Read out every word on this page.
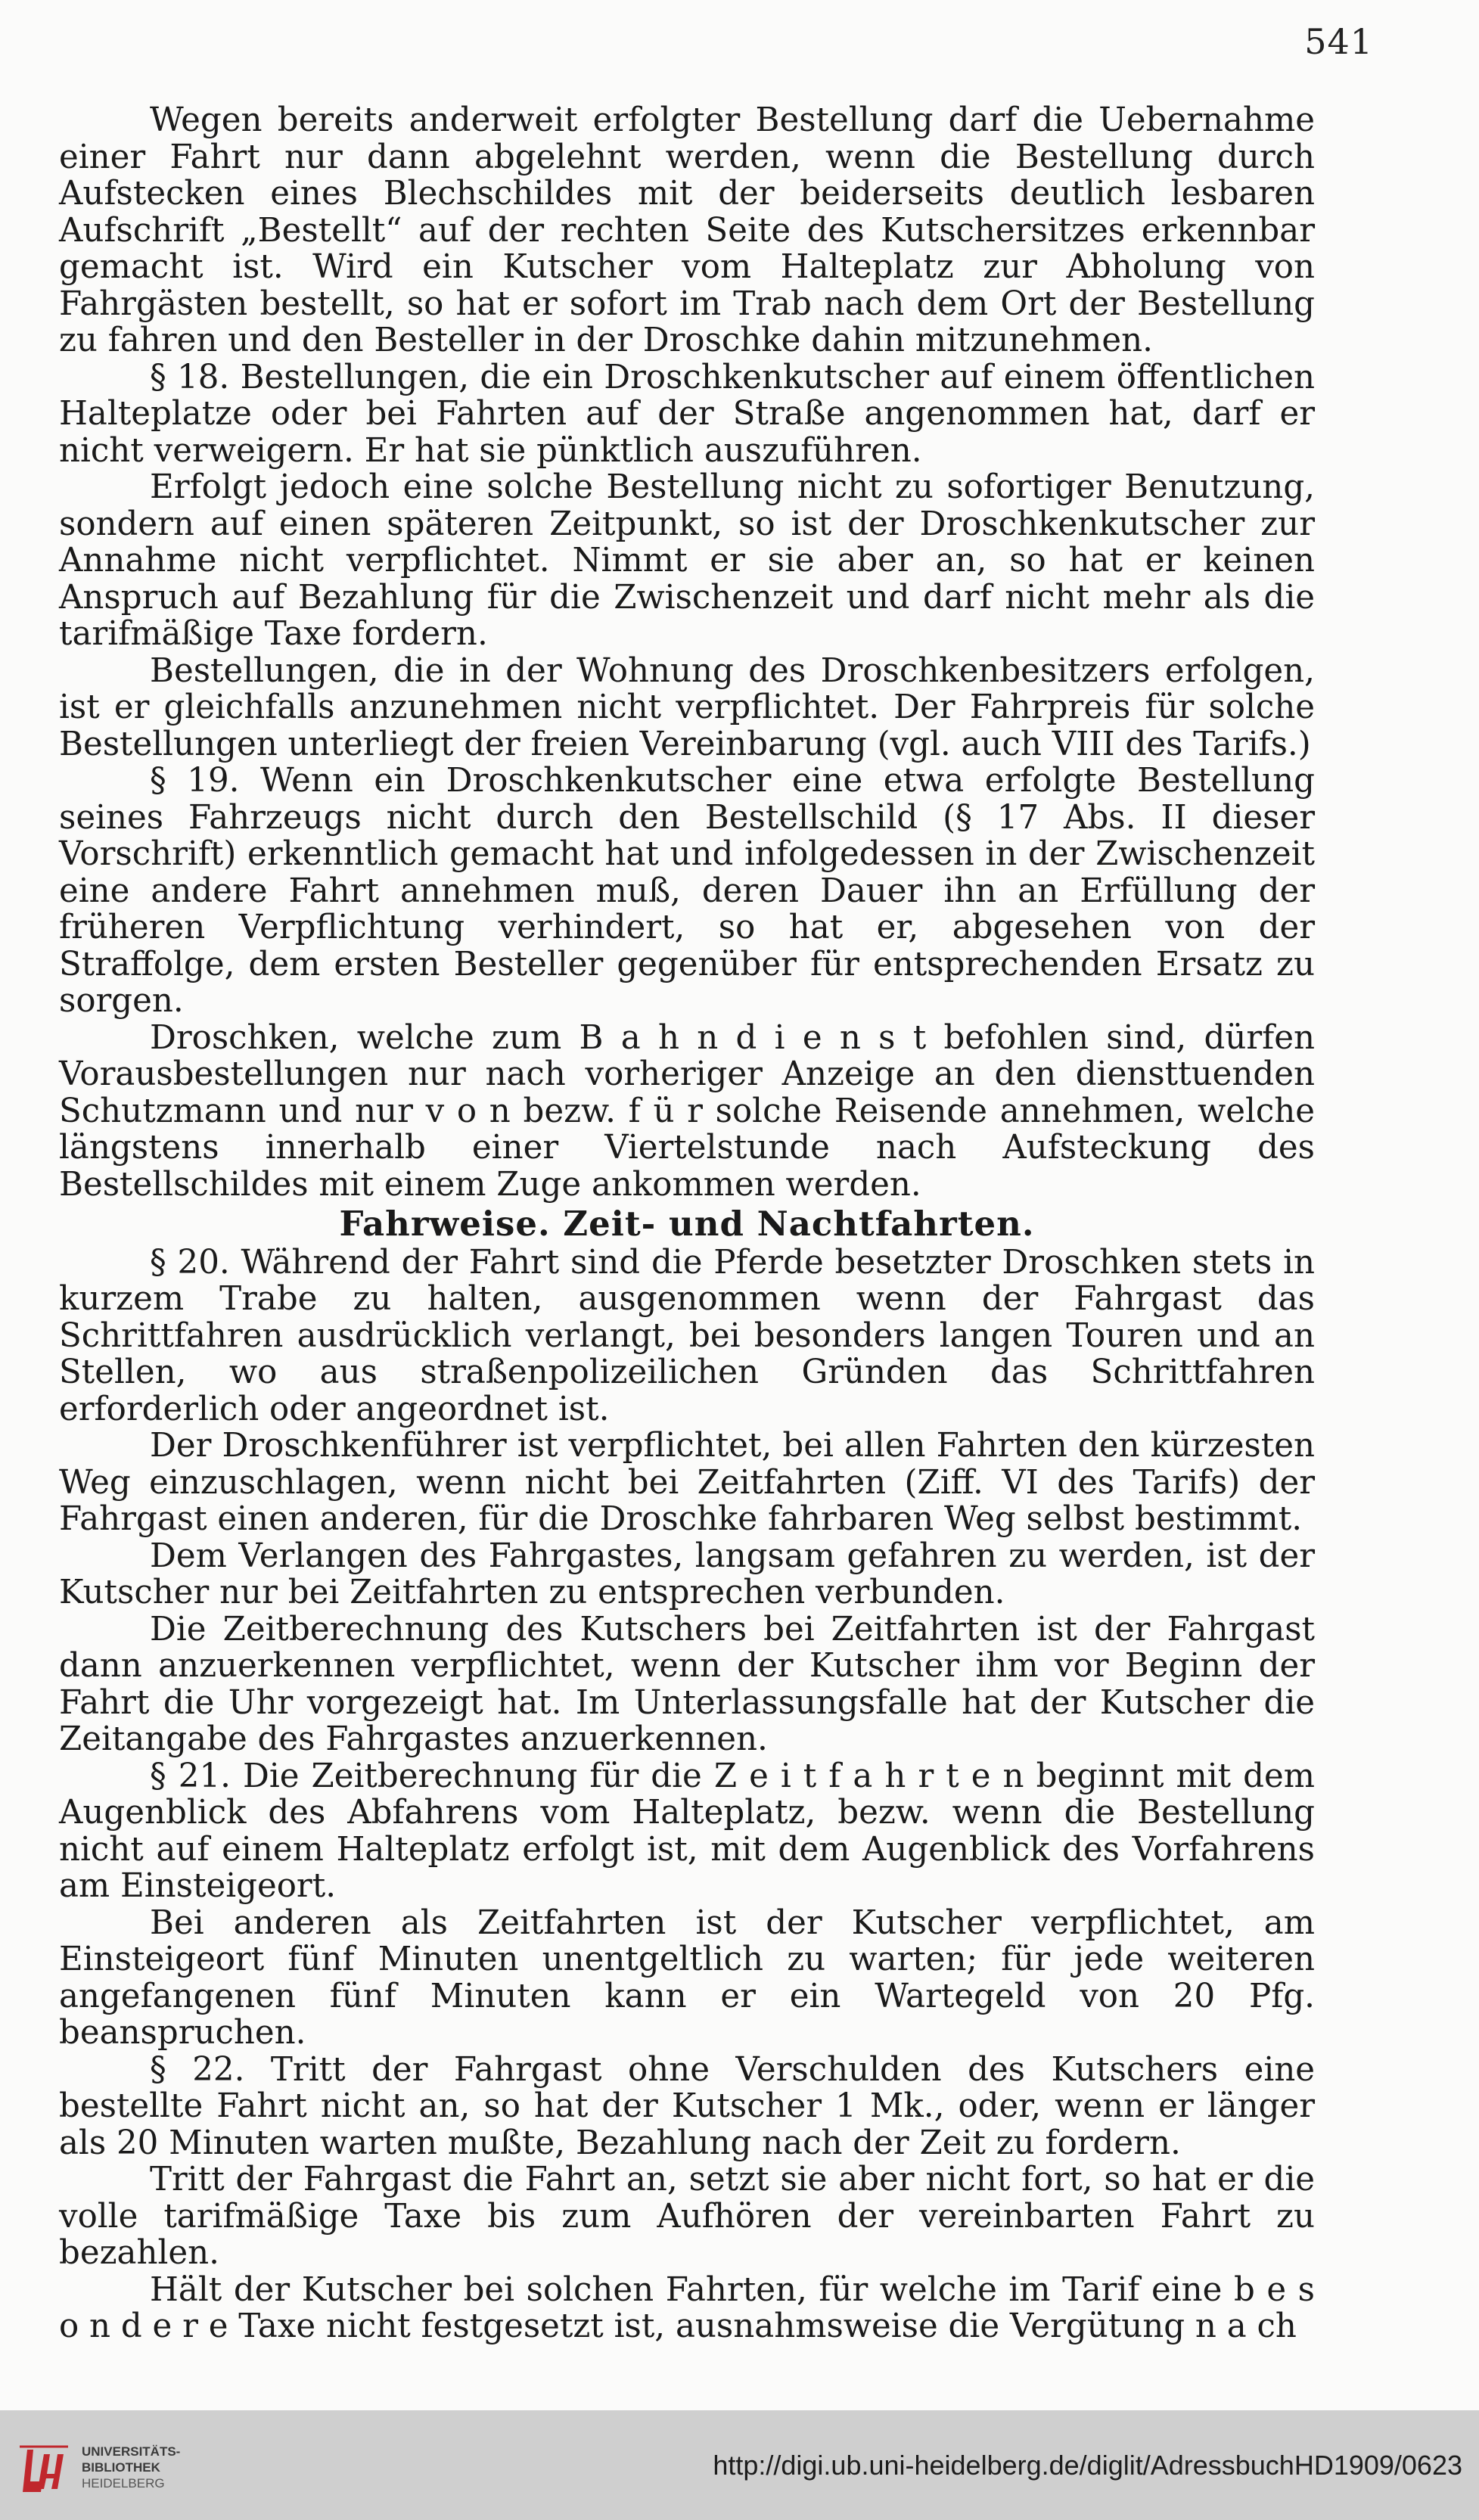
541

Wegen bereits anderweit erfolgter Bestellung darf die Uebernahme einer Fahrt nur dann abgelehnt werden, wenn die Bestellung durch Aufstecken eines Blechschildes mit der beiderseits deutlich lesbaren Aufschrift „Bestellt“ auf der rechten Seite des Kutschersitzes erkennbar gemacht ist. Wird ein Kutscher vom Halteplatz zur Abholung von Fahrgästen bestellt, so hat er sofort im Trab nach dem Ort der Bestellung zu fahren und den Besteller in der Droschke dahin mitzunehmen.

§ 18. Bestellungen, die ein Droschkenkutscher auf einem öffentlichen Halteplatze oder bei Fahrten auf der Straße angenommen hat, darf er nicht verweigern. Er hat sie pünktlich auszuführen.

Erfolgt jedoch eine solche Bestellung nicht zu sofortiger Benutzung, sondern auf einen späteren Zeitpunkt, so ist der Droschkenkutscher zur Annahme nicht verpflichtet. Nimmt er sie aber an, so hat er keinen Anspruch auf Bezahlung für die Zwischenzeit und darf nicht mehr als die tarifmäßige Taxe fordern.

Bestellungen, die in der Wohnung des Droschkenbesitzers erfolgen, ist er gleichfalls anzunehmen nicht verpflichtet. Der Fahrpreis für solche Bestellungen unterliegt der freien Vereinbarung (vgl. auch VIII des Tarifs.)

§ 19. Wenn ein Droschkenkutscher eine etwa erfolgte Bestellung seines Fahrzeugs nicht durch den Bestellschild (§ 17 Abs. II dieser Vorschrift) erkenntlich gemacht hat und infolgedessen in der Zwischenzeit eine andere Fahrt annehmen muß, deren Dauer ihn an Erfüllung der früheren Verpflichtung verhindert, so hat er, abgesehen von der Straffolge, dem ersten Besteller gegenüber für entsprechenden Ersatz zu sorgen.

Droschken, welche zum B a h n d i e n s t befohlen sind, dürfen Vorausbestellungen nur nach vorheriger Anzeige an den diensttuenden Schutzmann und nur v o n bezw. f ü r solche Reisende annehmen, welche längstens innerhalb einer Viertelstunde nach Aufsteckung des Bestellschildes mit einem Zuge ankommen werden.

Fahrweise. Zeit- und Nachtfahrten.

§ 20. Während der Fahrt sind die Pferde besetzter Droschken stets in kurzem Trabe zu halten, ausgenommen wenn der Fahrgast das Schrittfahren ausdrücklich verlangt, bei besonders langen Touren und an Stellen, wo aus straßenpolizeilichen Gründen das Schrittfahren erforderlich oder angeordnet ist.

Der Droschkenführer ist verpflichtet, bei allen Fahrten den kürzesten Weg einzuschlagen, wenn nicht bei Zeitfahrten (Ziff. VI des Tarifs) der Fahrgast einen anderen, für die Droschke fahrbaren Weg selbst bestimmt.

Dem Verlangen des Fahrgastes, langsam gefahren zu werden, ist der Kutscher nur bei Zeitfahrten zu entsprechen verbunden.

Die Zeitberechnung des Kutschers bei Zeitfahrten ist der Fahrgast dann anzuerkennen verpflichtet, wenn der Kutscher ihm vor Beginn der Fahrt die Uhr vorgezeigt hat. Im Unterlassungsfalle hat der Kutscher die Zeitangabe des Fahrgastes anzuerkennen.

§ 21. Die Zeitberechnung für die Z e i t f a h r t e n beginnt mit dem Augenblick des Abfahrens vom Halteplatz, bezw. wenn die Bestellung nicht auf einem Halteplatz erfolgt ist, mit dem Augenblick des Vorfahrens am Einsteigeort.

Bei anderen als Zeitfahrten ist der Kutscher verpflichtet, am Einsteigeort fünf Minuten unentgeltlich zu warten; für jede weiteren angefangenen fünf Minuten kann er ein Wartegeld von 20 Pfg. beanspruchen.

§ 22. Tritt der Fahrgast ohne Verschulden des Kutschers eine bestellte Fahrt nicht an, so hat der Kutscher 1 Mk., oder, wenn er länger als 20 Minuten warten mußte, Bezahlung nach der Zeit zu fordern.

Tritt der Fahrgast die Fahrt an, setzt sie aber nicht fort, so hat er die volle tarifmäßige Taxe bis zum Aufhören der vereinbarten Fahrt zu bezahlen.

Hält der Kutscher bei solchen Fahrten, für welche im Tarif eine b e s o n d e r e Taxe nicht festgesetzt ist, ausnahmsweise die Vergütung n a ch

UNIVERSITÄTS-
BIBLIOTHEK
HEIDELBERG
http://digi.ub.uni-heidelberg.de/diglit/AdressbuchHD1909/0623
